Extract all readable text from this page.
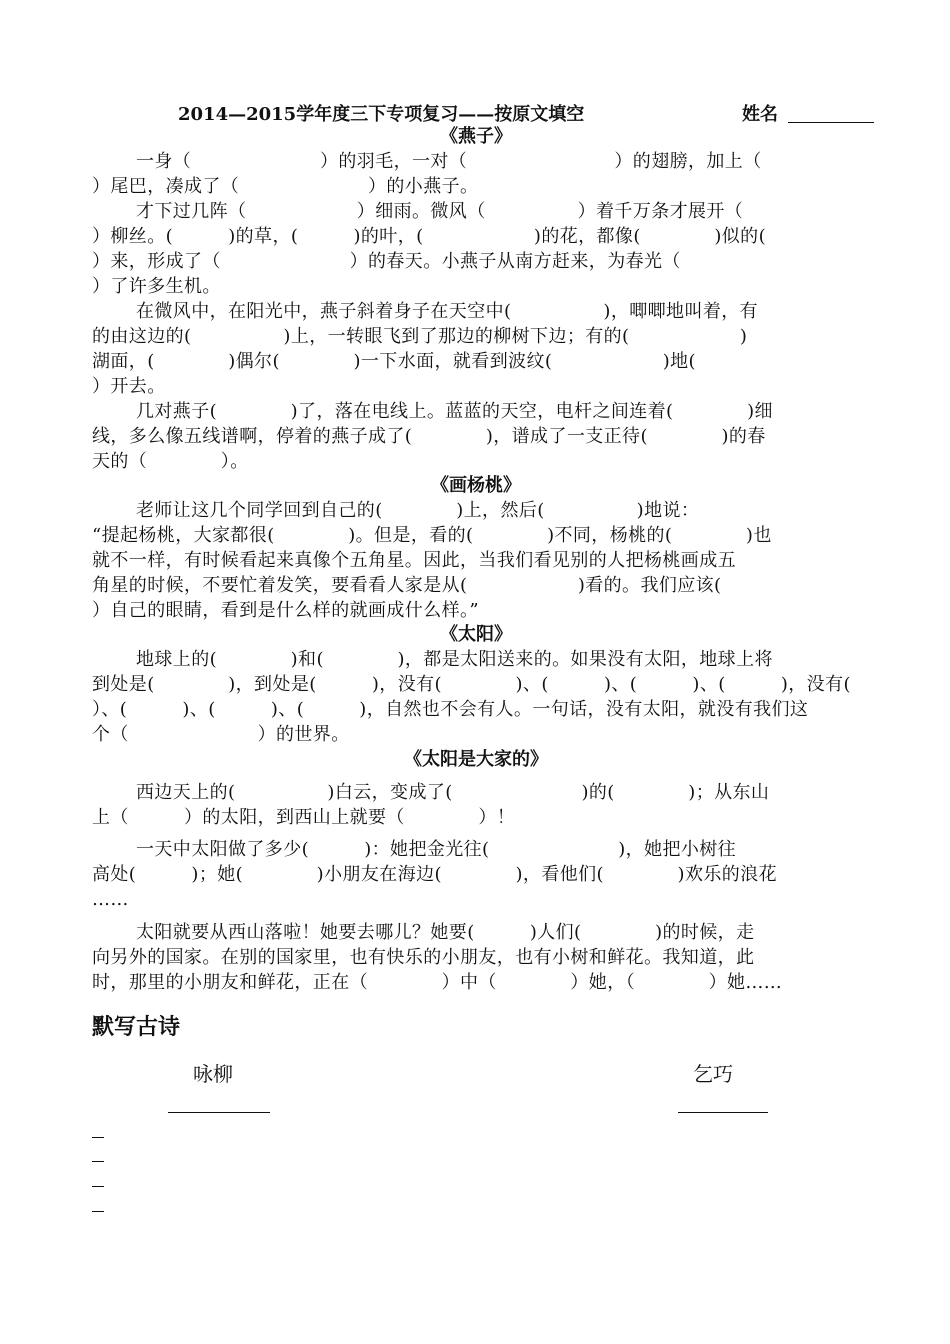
2014—2015学年度三下专项复习——按原文填空	姓名
《燕子》
一身（　　　　　　　）的羽毛，一对（　　　　　　　　）的翅膀，加上（
）尾巴，凑成了（　　　　　　　）的小燕子。
才下过几阵（　　　　　　）细雨。微风（　　　　　）着千万条才展开（
）柳丝。(　　　)的草，(　　　)的叶，(　　　　　　)的花，都像(　　　　)似的(
）来，形成了（　　　　　　　）的春天。小燕子从南方赶来，为春光（
）了许多生机。
在微风中，在阳光中，燕子斜着身子在天空中(　　　　　)，唧唧地叫着，有
的由这边的(　　　　　)上，一转眼飞到了那边的柳树下边；有的(　　　　　　)
湖面，(　　　　)偶尔(　　　　)一下水面，就看到波纹(　　　　　　)地(
）开去。
几对燕子(　　　　)了，落在电线上。蓝蓝的天空，电杆之间连着(　　　　)细
线，多么像五线谱啊，停着的燕子成了(　　　　)，谱成了一支正待(　　　　)的春
天的（　　　　）。
《画杨桃》
老师让这几个同学回到自己的(　　　　)上，然后(　　　　　)地说：
“提起杨桃，大家都很(　　　　)。但是，看的(　　　　)不同，杨桃的(　　　　)也
就不一样，有时候看起来真像个五角星。因此，当我们看见别的人把杨桃画成五
角星的时候，不要忙着发笑，要看看人家是从(　　　　　　)看的。我们应该(
）自己的眼睛，看到是什么样的就画成什么样。”
《太阳》
地球上的(　　　　)和(　　　　)，都是太阳送来的。如果没有太阳，地球上将
到处是(　　　　)，到处是(　　　)，没有(　　　　)、(　　　)、(　　　)、(　　　)，没有(
）、(　　　)、(　　　)、(　　　)，自然也不会有人。一句话，没有太阳，就没有我们这
个（　　　　　　　）的世界。
《太阳是大家的》
西边天上的(　　　　　)白云，变成了(　　　　　　　)的(　　　　)；从东山
上（　　　）的太阳，到西山上就要（　　　　）！
一天中太阳做了多少(　　　)：她把金光往(　　　　　　　)，她把小树往
高处(　　　)；她(　　　　)小朋友在海边(　　　　)，看他们(　　　　)欢乐的浪花
……
太阳就要从西山落啦！她要去哪儿？她要(　　　)人们(　　　　)的时候，走
向另外的国家。在别的国家里，也有快乐的小朋友，也有小树和鲜花。我知道，此
时，那里的小朋友和鲜花，正在（　　　　）中（　　　　）她，（　　　　）她……
默写古诗
咏柳	乞巧
